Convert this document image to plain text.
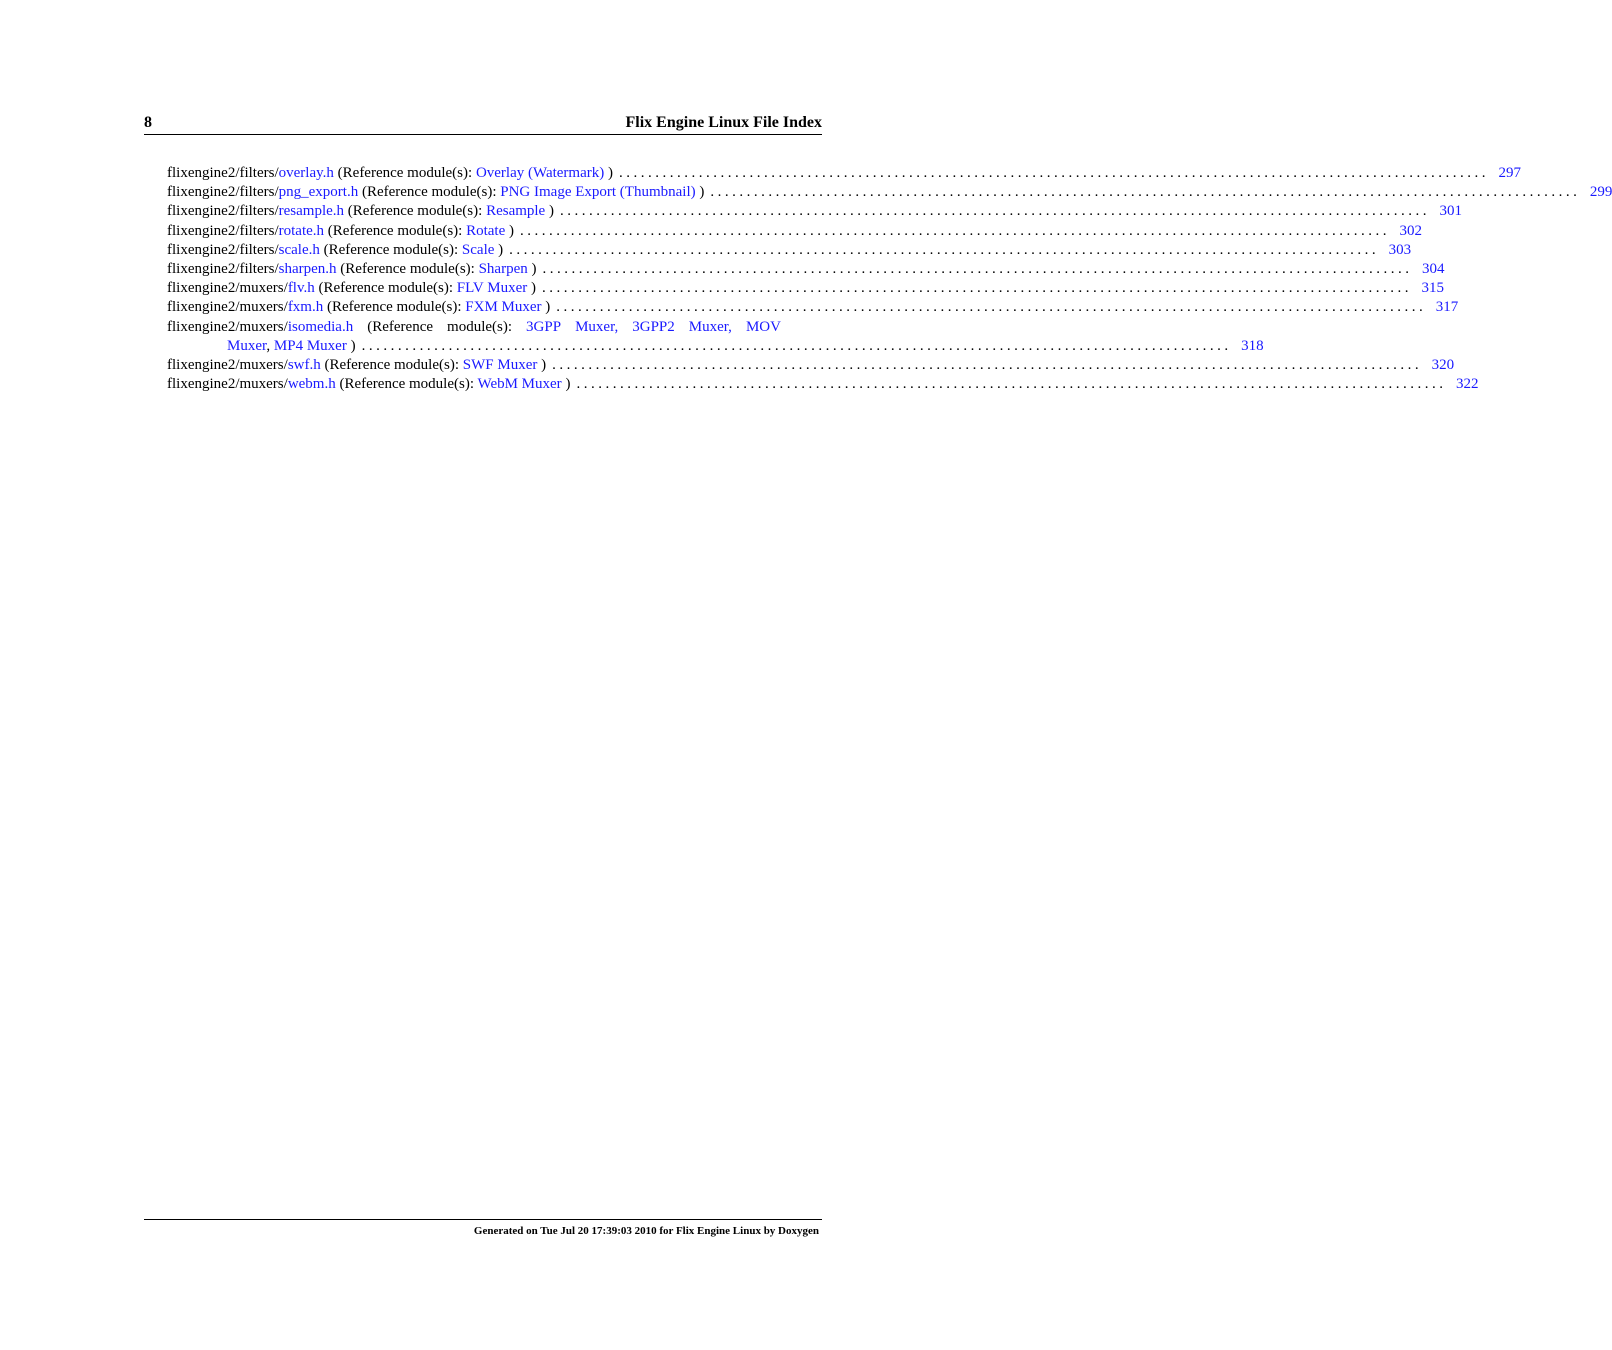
8	Flix Engine Linux File Index
flixengine2/filters/overlay.h (Reference module(s): Overlay (Watermark) ) ........................................................................................................................ 297
flixengine2/filters/png_export.h (Reference module(s): PNG Image Export (Thumbnail) ) ........................................................................................................................ 299
flixengine2/filters/resample.h (Reference module(s): Resample ) ........................................................................................................................ 301
flixengine2/filters/rotate.h (Reference module(s): Rotate ) ........................................................................................................................ 302
flixengine2/filters/scale.h (Reference module(s): Scale ) ........................................................................................................................ 303
flixengine2/filters/sharpen.h (Reference module(s): Sharpen ) ........................................................................................................................ 304
flixengine2/muxers/flv.h (Reference module(s): FLV Muxer ) ........................................................................................................................ 315
flixengine2/muxers/fxm.h (Reference module(s): FXM Muxer ) ........................................................................................................................ 317
flixengine2/muxers/isomedia.h (Reference module(s): 3GPP Muxer, 3GPP2 Muxer, MOV
Muxer, MP4 Muxer ) ........................................................................................................................ 318
flixengine2/muxers/swf.h (Reference module(s): SWF Muxer ) ........................................................................................................................ 320
flixengine2/muxers/webm.h (Reference module(s): WebM Muxer ) ........................................................................................................................ 322
Generated on Tue Jul 20 17:39:03 2010 for Flix Engine Linux by Doxygen
